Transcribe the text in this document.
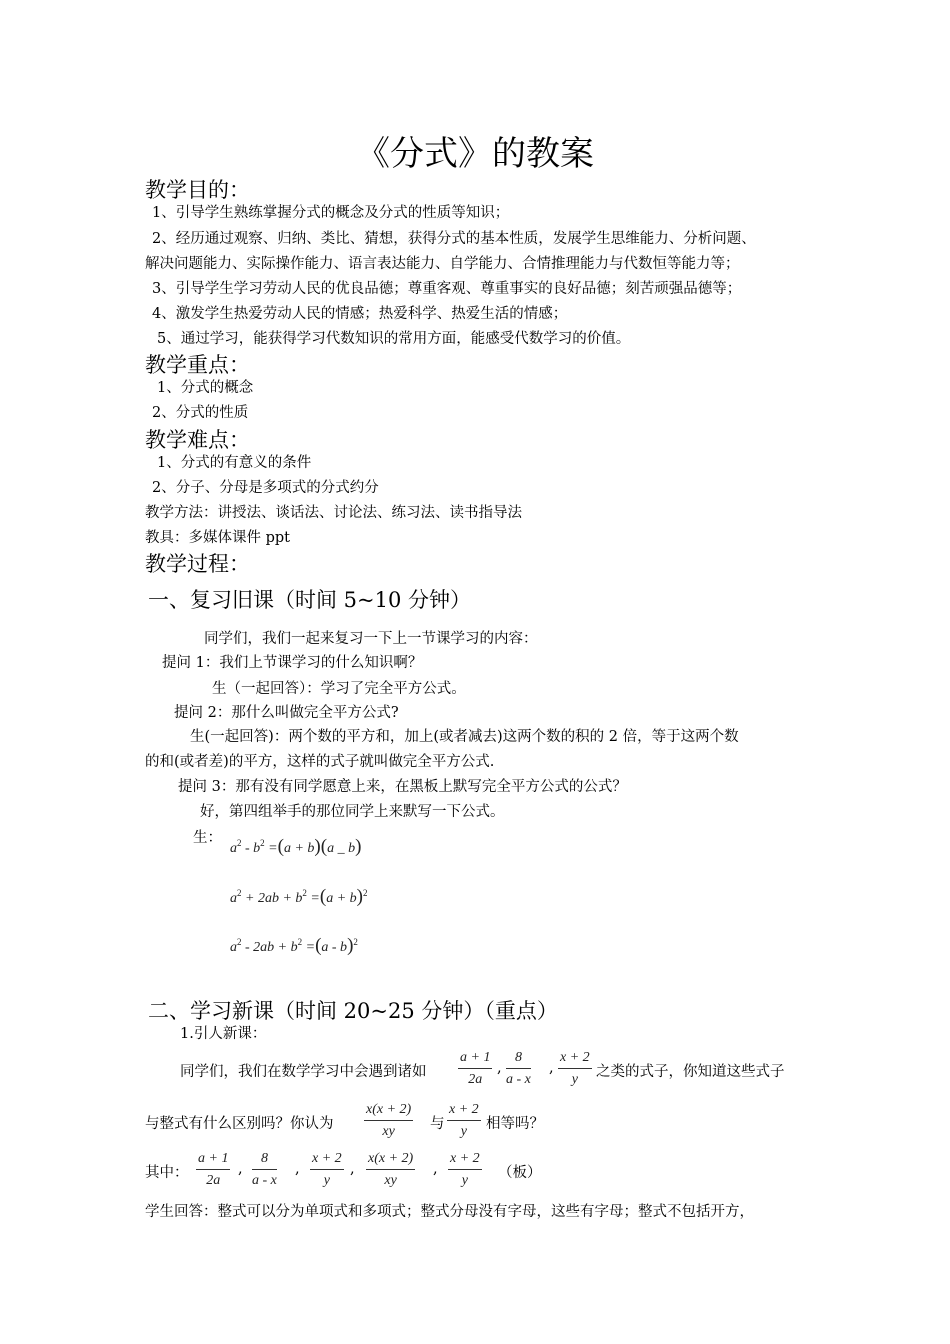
《分式》的教案
教学目的：
1、引导学生熟练掌握分式的概念及分式的性质等知识；
2、经历通过观察、归纳、类比、猜想，获得分式的基本性质，发展学生思维能力、分析问题、
解决问题能力、实际操作能力、语言表达能力、自学能力、合情推理能力与代数恒等能力等；
3、引导学生学习劳动人民的优良品德；尊重客观、尊重事实的良好品德；刻苦顽强品德等；
4、激发学生热爱劳动人民的情感；热爱科学、热爱生活的情感；
5、通过学习，能获得学习代数知识的常用方面，能感受代数学习的价值。
教学重点：
1、分式的概念
2、分式的性质
教学难点：
1、分式的有意义的条件
2、分子、分母是多项式的分式约分
教学方法：讲授法、谈话法、讨论法、练习法、读书指导法
教具：多媒体课件 ppt
教学过程：
一、复习旧课（时间 5~10 分钟）
同学们，我们一起来复习一下上一节课学习的内容：
提问 1：我们上节课学习的什么知识啊？
生（一起回答）：学习了完全平方公式。
提问 2：那什么叫做完全平方公式?
生(一起回答)：两个数的平方和，加上(或者减去)这两个数的积的 2 倍，等于这两个数
的和(或者差)的平方，这样的式子就叫做完全平方公式.
提问 3：那有没有同学愿意上来，在黑板上默写完全平方公式的公式？
好，第四组举手的那位同学上来默写一下公式。
生：
$a^2 - b^2 =(a + b)(a$ _ b)
$a^2 + 2ab + b^2 =(a + b)^2$
$a^2 - 2ab + b^2 =(a - b)^2$
二、学习新课（时间 20~25 分钟）（重点）
1.引人新课：
同学们，我们在数学学习中会遇到诸如 $\frac{a + 1}{2a}$ , $\frac{8}{a - x}$ , $\frac{x + 2}{y}$ 之类的式子，你知道这些式子
与整式有什么区别吗？你认为 $\frac{x(x + 2)}{xy}$ 与 $\frac{x + 2}{y}$ 相等吗？
其中： $\frac{a + 1}{2a}$ , $\frac{8}{a - x}$ , $\frac{x + 2}{y}$ , $\frac{x(x + 2)}{xy}$ , $\frac{x + 2}{y}$ （板）
学生回答：整式可以分为单项式和多项式；整式分母没有字母，这些有字母；整式不包括开方，
